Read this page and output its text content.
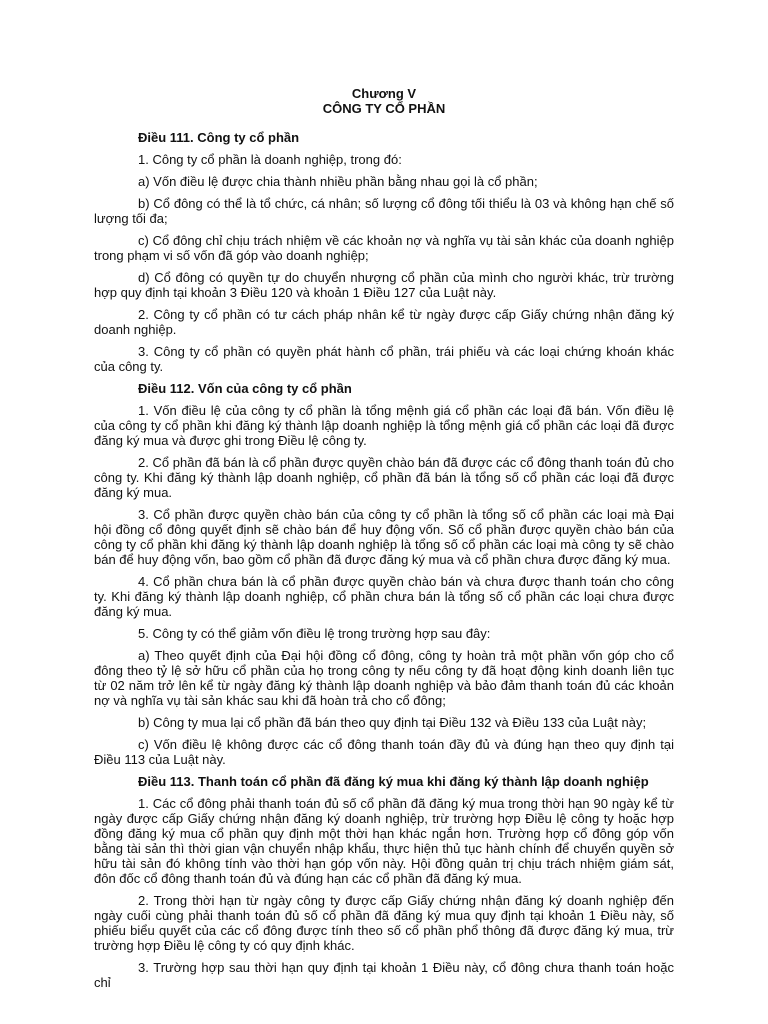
Chương V
CÔNG TY CỔ PHẦN
Điều 111. Công ty cổ phần

1. Công ty cổ phần là doanh nghiệp, trong đó:

a) Vốn điều lệ được chia thành nhiều phần bằng nhau gọi là cổ phần;

b) Cổ đông có thể là tổ chức, cá nhân; số lượng cổ đông tối thiểu là 03 và không hạn chế số lượng tối đa;

c) Cổ đông chỉ chịu trách nhiệm về các khoản nợ và nghĩa vụ tài sản khác của doanh nghiệp trong phạm vi số vốn đã góp vào doanh nghiệp;

d) Cổ đông có quyền tự do chuyển nhượng cổ phần của mình cho người khác, trừ trường hợp quy định tại khoản 3 Điều 120 và khoản 1 Điều 127 của Luật này.

2. Công ty cổ phần có tư cách pháp nhân kể từ ngày được cấp Giấy chứng nhận đăng ký doanh nghiệp.

3. Công ty cổ phần có quyền phát hành cổ phần, trái phiếu và các loại chứng khoán khác của công ty.

Điều 112. Vốn của công ty cổ phần

1. Vốn điều lệ của công ty cổ phần là tổng mệnh giá cổ phần các loại đã bán. Vốn điều lệ của công ty cổ phần khi đăng ký thành lập doanh nghiệp là tổng mệnh giá cổ phần các loại đã được đăng ký mua và được ghi trong Điều lệ công ty.

2. Cổ phần đã bán là cổ phần được quyền chào bán đã được các cổ đông thanh toán đủ cho công ty. Khi đăng ký thành lập doanh nghiệp, cổ phần đã bán là tổng số cổ phần các loại đã được đăng ký mua.

3. Cổ phần được quyền chào bán của công ty cổ phần là tổng số cổ phần các loại mà Đại hội đồng cổ đông quyết định sẽ chào bán để huy động vốn. Số cổ phần được quyền chào bán của công ty cổ phần khi đăng ký thành lập doanh nghiệp là tổng số cổ phần các loại mà công ty sẽ chào bán để huy động vốn, bao gồm cổ phần đã được đăng ký mua và cổ phần chưa được đăng ký mua.

4. Cổ phần chưa bán là cổ phần được quyền chào bán và chưa được thanh toán cho công ty. Khi đăng ký thành lập doanh nghiệp, cổ phần chưa bán là tổng số cổ phần các loại chưa được đăng ký mua.

5. Công ty có thể giảm vốn điều lệ trong trường hợp sau đây:

a) Theo quyết định của Đại hội đồng cổ đông, công ty hoàn trả một phần vốn góp cho cổ đông theo tỷ lệ sở hữu cổ phần của họ trong công ty nếu công ty đã hoạt động kinh doanh liên tục từ 02 năm trở lên kể từ ngày đăng ký thành lập doanh nghiệp và bảo đảm thanh toán đủ các khoản nợ và nghĩa vụ tài sản khác sau khi đã hoàn trả cho cổ đông;

b) Công ty mua lại cổ phần đã bán theo quy định tại Điều 132 và Điều 133 của Luật này;

c) Vốn điều lệ không được các cổ đông thanh toán đầy đủ và đúng hạn theo quy định tại Điều 113 của Luật này.

Điều 113. Thanh toán cổ phần đã đăng ký mua khi đăng ký thành lập doanh nghiệp

1. Các cổ đông phải thanh toán đủ số cổ phần đã đăng ký mua trong thời hạn 90 ngày kể từ ngày được cấp Giấy chứng nhận đăng ký doanh nghiệp, trừ trường hợp Điều lệ công ty hoặc hợp đồng đăng ký mua cổ phần quy định một thời hạn khác ngắn hơn. Trường hợp cổ đông góp vốn bằng tài sản thì thời gian vận chuyển nhập khẩu, thực hiện thủ tục hành chính để chuyển quyền sở hữu tài sản đó không tính vào thời hạn góp vốn này. Hội đồng quản trị chịu trách nhiệm giám sát, đôn đốc cổ đông thanh toán đủ và đúng hạn các cổ phần đã đăng ký mua.

2. Trong thời hạn từ ngày công ty được cấp Giấy chứng nhận đăng ký doanh nghiệp đến ngày cuối cùng phải thanh toán đủ số cổ phần đã đăng ký mua quy định tại khoản 1 Điều này, số phiếu biểu quyết của các cổ đông được tính theo số cổ phần phổ thông đã được đăng ký mua, trừ trường hợp Điều lệ công ty có quy định khác.

3. Trường hợp sau thời hạn quy định tại khoản 1 Điều này, cổ đông chưa thanh toán hoặc chỉ
